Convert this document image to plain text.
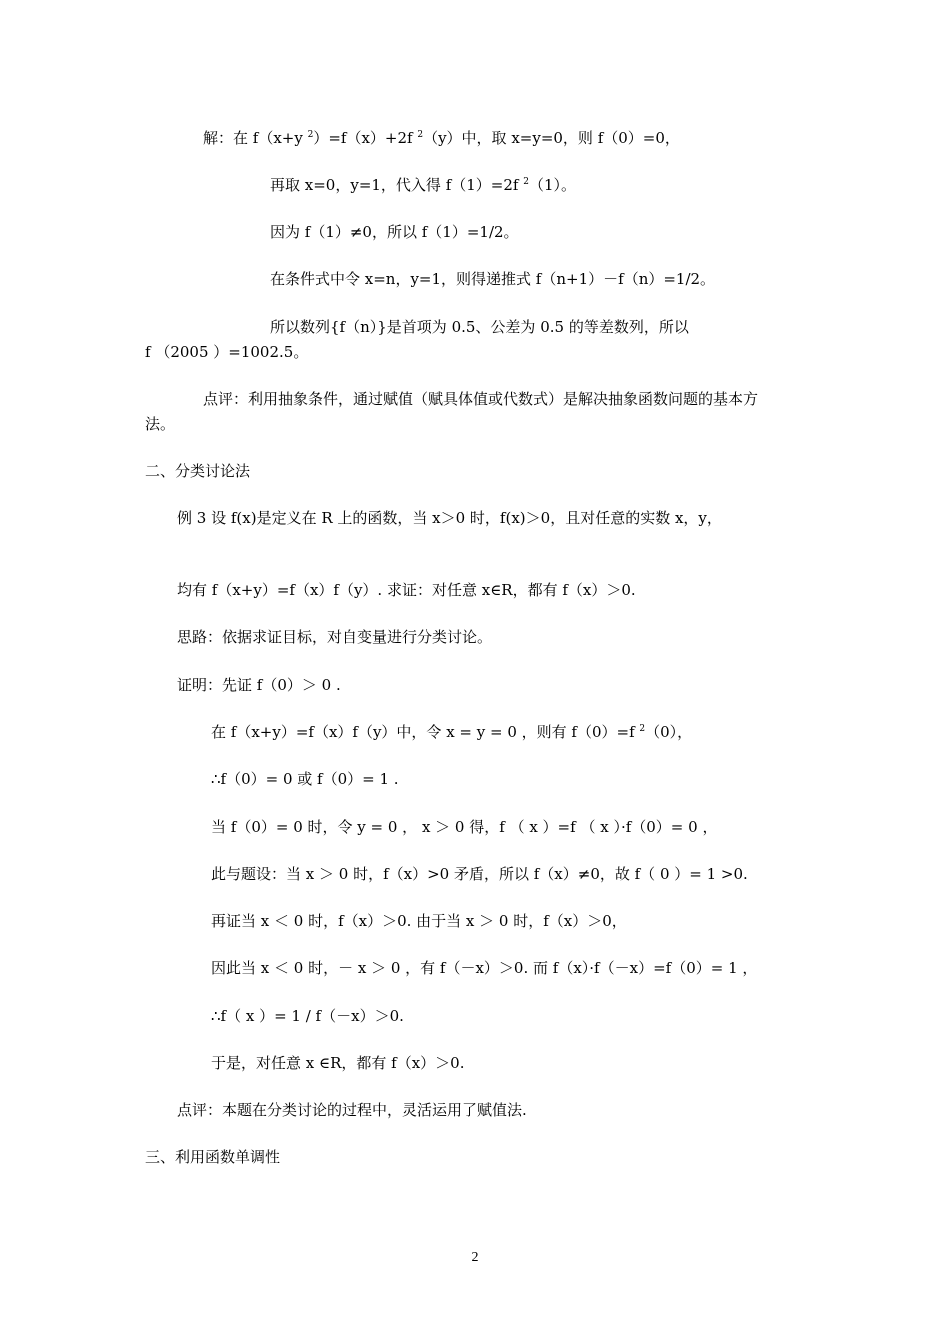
解：在 f（x+y $^2$）=f（x）+2f $^2$（y）中，取 x=y=0，则 f（0）=0，
再取 x=0，y=1，代入得 f（1）=2f $^2$（1）。
因为 f（1）≠0，所以 f（1）=1/2。
在条件式中令 x=n，y=1，则得递推式 f（n+1）－f（n）=1/2。
所以数列{f（n）}是首项为 0.5、公差为 0.5 的等差数列，所以
f （2005 ）=1002.5。
点评：利用抽象条件，通过赋值（赋具体值或代数式）是解决抽象函数问题的基本方
法。
二、分类讨论法
例 3 设 f(x)是定义在 R 上的函数，当 x＞0 时，f(x)＞0，且对任意的实数 x，y，
均有 f（x+y）=f（x）f（y）. 求证：对任意 x∈R，都有 f（x）＞0.
思路：依据求证目标，对自变量进行分类讨论。
证明：先证 f（0）＞ 0 .
在 f（x+y）=f（x）f（y）中，令 x = y = 0 ，则有 f（0）=f $^2$（0），
∴f（0）= 0 或 f（0）= 1 .
当 f（0）= 0 时，令 y = 0 ， x ＞ 0 得，f （ x ）=f （ x ）·f（0）= 0 ，
此与题设：当 x ＞ 0 时，f（x）>0 矛盾，所以 f（x）≠0，故 f（ 0 ）= 1 >0.
再证当 x ＜ 0 时，f（x）＞0. 由于当 x ＞ 0 时，f（x）＞0，
因此当 x ＜ 0 时，－ x ＞ 0 ，有 f（－x）＞0. 而 f（x）·f（－x）=f（0）= 1 ，
∴f（ x ）= 1 / f（－x）＞0.
于是，对任意 x ∈R，都有 f（x）＞0.
点评：本题在分类讨论的过程中，灵活运用了赋值法.
三、利用函数单调性
2
